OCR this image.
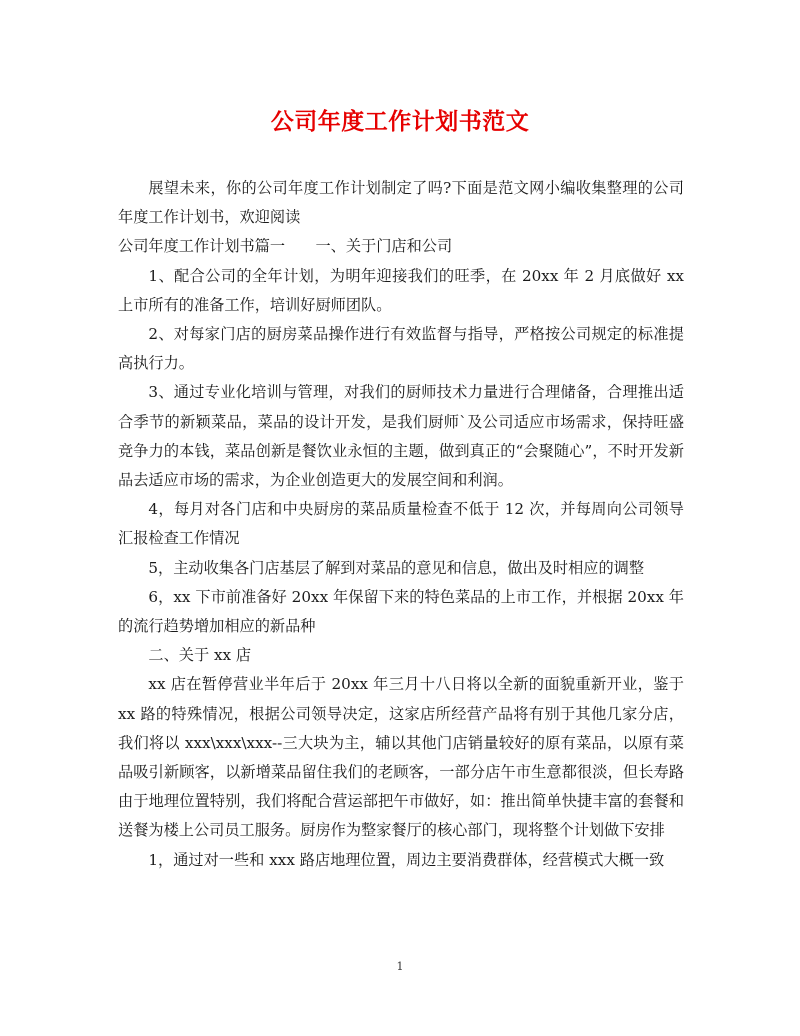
公司年度工作计划书范文

展望未来，你的公司年度工作计划制定了吗?下面是范文网小编收集整理的公司年度工作计划书，欢迎阅读

公司年度工作计划书篇一　　一、关于门店和公司

1、配合公司的全年计划，为明年迎接我们的旺季，在 20xx 年 2 月底做好 xx 上市所有的准备工作，培训好厨师团队。

2、对每家门店的厨房菜品操作进行有效监督与指导，严格按公司规定的标准提高执行力。

3、通过专业化培训与管理，对我们的厨师技术力量进行合理储备，合理推出适合季节的新颖菜品，菜品的设计开发，是我们厨师`及公司适应市场需求，保持旺盛竞争力的本钱，菜品创新是餐饮业永恒的主题，做到真正的“会聚随心”，不时开发新品去适应市场的需求，为企业创造更大的发展空间和利润。

4，每月对各门店和中央厨房的菜品质量检查不低于 12 次，并每周向公司领导汇报检查工作情况

5，主动收集各门店基层了解到对菜品的意见和信息，做出及时相应的调整

6，xx 下市前准备好 20xx 年保留下来的特色菜品的上市工作，并根据 20xx 年的流行趋势增加相应的新品种

二、关于 xx 店

xx 店在暂停营业半年后于 20xx 年三月十八日将以全新的面貌重新开业，鉴于 xx 路的特殊情况，根据公司领导决定，这家店所经营产品将有别于其他几家分店，我们将以 xxx\xxx\xxx--三大块为主，辅以其他门店销量较好的原有菜品，以原有菜品吸引新顾客，以新增菜品留住我们的老顾客，一部分店午市生意都很淡，但长寿路由于地理位置特别，我们将配合营运部把午市做好，如：推出简单快捷丰富的套餐和送餐为楼上公司员工服务。厨房作为整家餐厅的核心部门，现将整个计划做下安排

1，通过对一些和 xxx 路店地理位置，周边主要消费群体，经营模式大概一致

1
